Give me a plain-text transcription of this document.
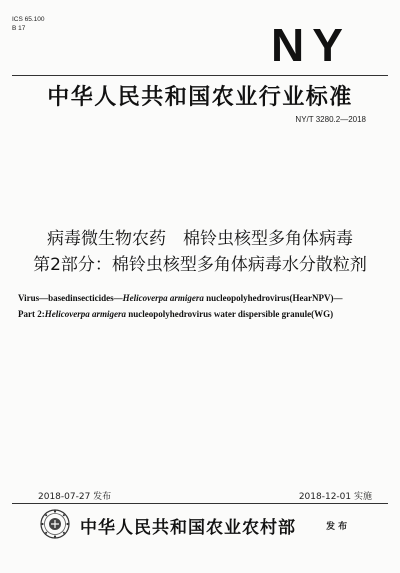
ICS 65.100
B 17	NY
中华人民共和国农业行业标准
NY/T 3280.2—2018
病毒微生物农药　棉铃虫核型多角体病毒
第2部分：棉铃虫核型多角体病毒水分散粒剂
Virus—basedinsecticides—Helicoverpa armigera nucleopolyhedrovirus(HearNPV)—
Part 2:Helicoverpa armigera nucleopolyhedrovirus water dispersible granule(WG)
2018-07-27 发布	2018-12-01 实施
中华人民共和国农业农村部	发 布
